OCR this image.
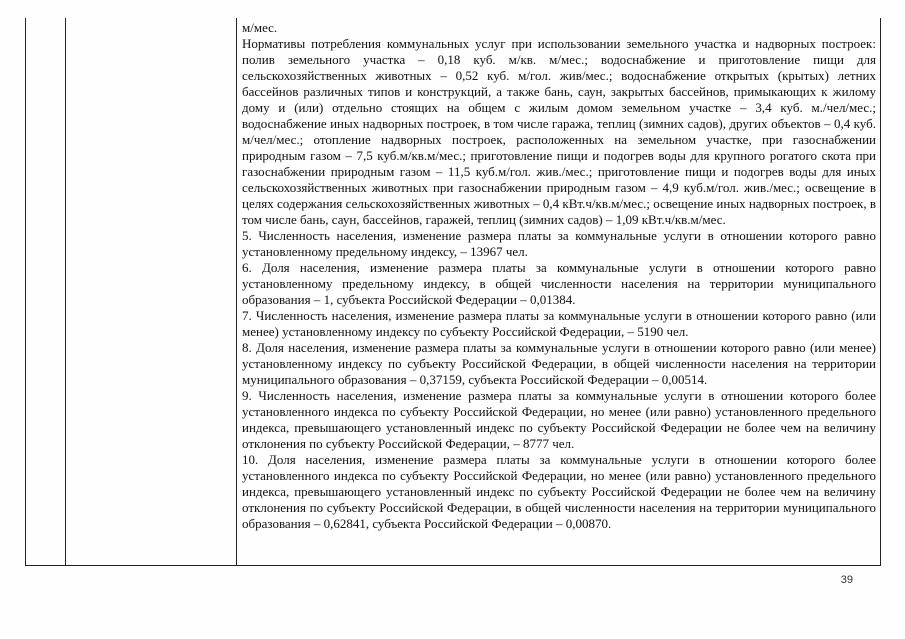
м/мес.

Нормативы потребления коммунальных услуг при использовании земельного участка и надворных построек: полив земельного участка – 0,18 куб. м/кв. м/мес.; водоснабжение и приготовление пищи для сельскохозяйственных животных – 0,52 куб. м/гол. жив/мес.; водоснабжение открытых (крытых) летних бассейнов различных типов и конструкций, а также бань, саун, закрытых бассейнов, примыкающих к жилому дому и (или) отдельно стоящих на общем с жилым домом земельном участке – 3,4 куб. м./чел/мес.; водоснабжение иных надворных построек, в том числе гаража, теплиц (зимних садов), других объектов – 0,4 куб. м/чел/мес.; отопление надворных построек, расположенных на земельном участке, при газоснабжении природным газом – 7,5 куб.м/кв.м/мес.; приготовление пищи и подогрев воды для крупного рогатого скота при газоснабжении природным газом – 11,5 куб.м/гол. жив./мес.; приготовление пищи и подогрев воды для иных сельскохозяйственных животных при газоснабжении природным газом – 4,9 куб.м/гол. жив./мес.; освещение в целях содержания сельскохозяйственных животных – 0,4 кВт.ч/кв.м/мес.; освещение иных надворных построек, в том числе бань, саун, бассейнов, гаражей, теплиц (зимних садов) – 1,09 кВт.ч/кв.м/мес.

5. Численность населения, изменение размера платы за коммунальные услуги в отношении которого равно установленному предельному индексу, – 13967 чел.

6. Доля населения, изменение размера платы за коммунальные услуги в отношении которого равно установленному предельному индексу, в общей численности населения на территории муниципального образования – 1, субъекта Российской Федерации – 0,01384.

7. Численность населения, изменение размера платы за коммунальные услуги в отношении которого равно (или менее) установленному индексу по субъекту Российской Федерации, – 5190 чел.

8. Доля населения, изменение размера платы за коммунальные услуги в отношении которого равно (или менее) установленному индексу по субъекту Российской Федерации, в общей численности населения на территории муниципального образования – 0,37159, субъекта Российской Федерации – 0,00514.

9. Численность населения, изменение размера платы за коммунальные услуги в отношении которого более установленного индекса по субъекту Российской Федерации, но менее (или равно) установленного предельного индекса, превышающего установленный индекс по субъекту Российской Федерации не более чем на величину отклонения по субъекту Российской Федерации, – 8777 чел.

10. Доля населения, изменение размера платы за коммунальные услуги в отношении которого более установленного индекса по субъекту Российской Федерации, но менее (или равно) установленного предельного индекса, превышающего установленный индекс по субъекту Российской Федерации не более чем на величину отклонения по субъекту Российской Федерации, в общей численности населения на территории муниципального образования – 0,62841, субъекта Российской Федерации – 0,00870.

39
